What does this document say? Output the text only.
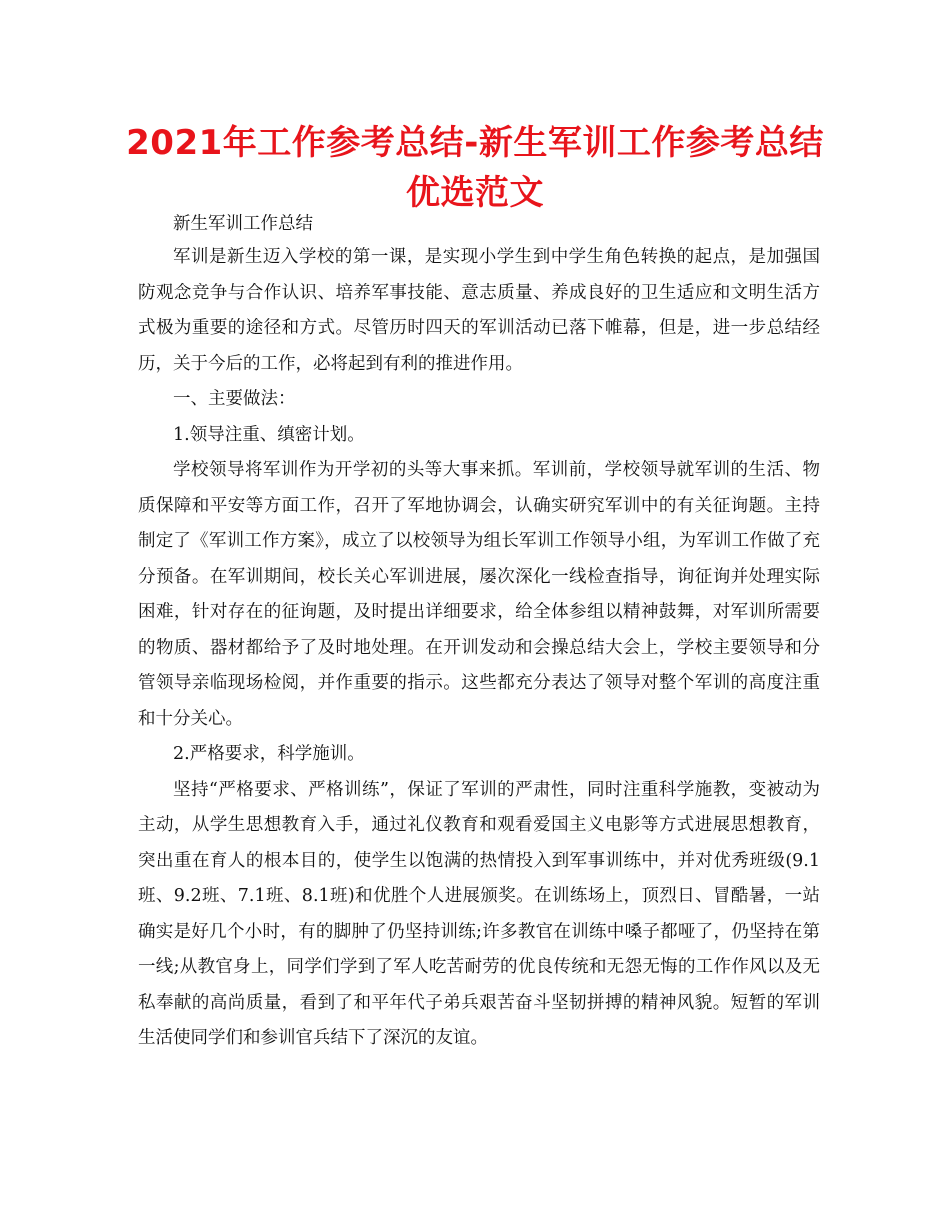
2021年工作参考总结-新生军训工作参考总结优选范文

新生军训工作总结

军训是新生迈入学校的第一课，是实现小学生到中学生角色转换的起点，是加强国防观念竞争与合作认识、培养军事技能、意志质量、养成良好的卫生适应和文明生活方式极为重要的途径和方式。尽管历时四天的军训活动已落下帷幕，但是，进一步总结经历，关于今后的工作，必将起到有利的推进作用。

一、主要做法：

1.领导注重、缜密计划。

学校领导将军训作为开学初的头等大事来抓。军训前，学校领导就军训的生活、物质保障和平安等方面工作，召开了军地协调会，认确实研究军训中的有关征询题。主持制定了《军训工作方案》，成立了以校领导为组长军训工作领导小组，为军训工作做了充分预备。在军训期间，校长关心军训进展，屡次深化一线检查指导，询征询并处理实际困难，针对存在的征询题，及时提出详细要求，给全体参组以精神鼓舞，对军训所需要的物质、器材都给予了及时地处理。在开训发动和会操总结大会上，学校主要领导和分管领导亲临现场检阅，并作重要的指示。这些都充分表达了领导对整个军训的高度注重和十分关心。

2.严格要求，科学施训。

坚持“严格要求、严格训练”，保证了军训的严肃性，同时注重科学施教，变被动为主动，从学生思想教育入手，通过礼仪教育和观看爱国主义电影等方式进展思想教育，突出重在育人的根本目的，使学生以饱满的热情投入到军事训练中，并对优秀班级(9.1班、9.2班、7.1班、8.1班)和优胜个人进展颁奖。在训练场上，顶烈日、冒酷暑，一站确实是好几个小时，有的脚肿了仍坚持训练;许多教官在训练中嗓子都哑了，仍坚持在第一线;从教官身上，同学们学到了军人吃苦耐劳的优良传统和无怨无悔的工作作风以及无私奉献的高尚质量，看到了和平年代子弟兵艰苦奋斗坚韧拼搏的精神风貌。短暂的军训生活使同学们和参训官兵结下了深沉的友谊。
